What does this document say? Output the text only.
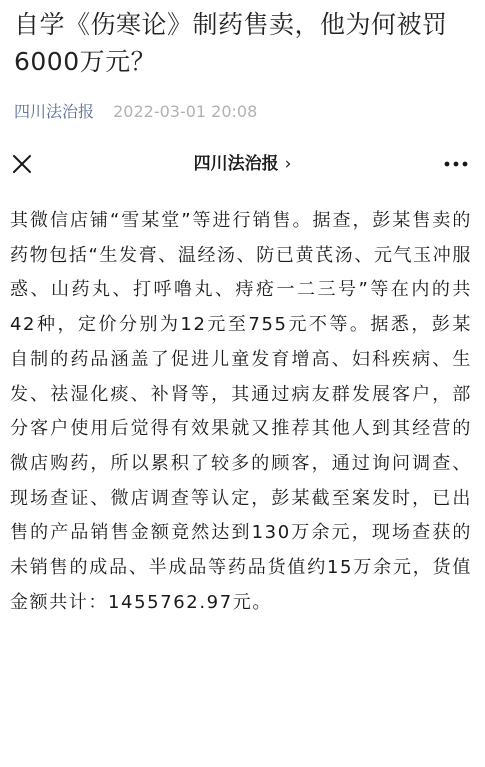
自学《伤寒论》制药售卖，他为何被罚6000万元？
四川法治报 2022-03-01 20:08
四川法治报 ›

其微信店铺“雪某堂”等进行销售。据查，彭某售卖的药物包括“生发膏、温经汤、防已黄芪汤、元气玉冲服惑、山药丸、打呼噜丸、痔疮一二三号”等在内的共42种，定价分别为12元至755元不等。据悉，彭某自制的药品涵盖了促进儿童发育增高、妇科疾病、生发、祛湿化痰、补肾等，其通过病友群发展客户，部分客户使用后觉得有效果就又推荐其他人到其经营的微店购药，所以累积了较多的顾客，通过询问调查、现场查证、微店调查等认定，彭某截至案发时，已出售的产品销售金额竟然达到130万余元，现场查获的未销售的成品、半成品等药品货值约15万余元，货值金额共计：1455762.97元。
